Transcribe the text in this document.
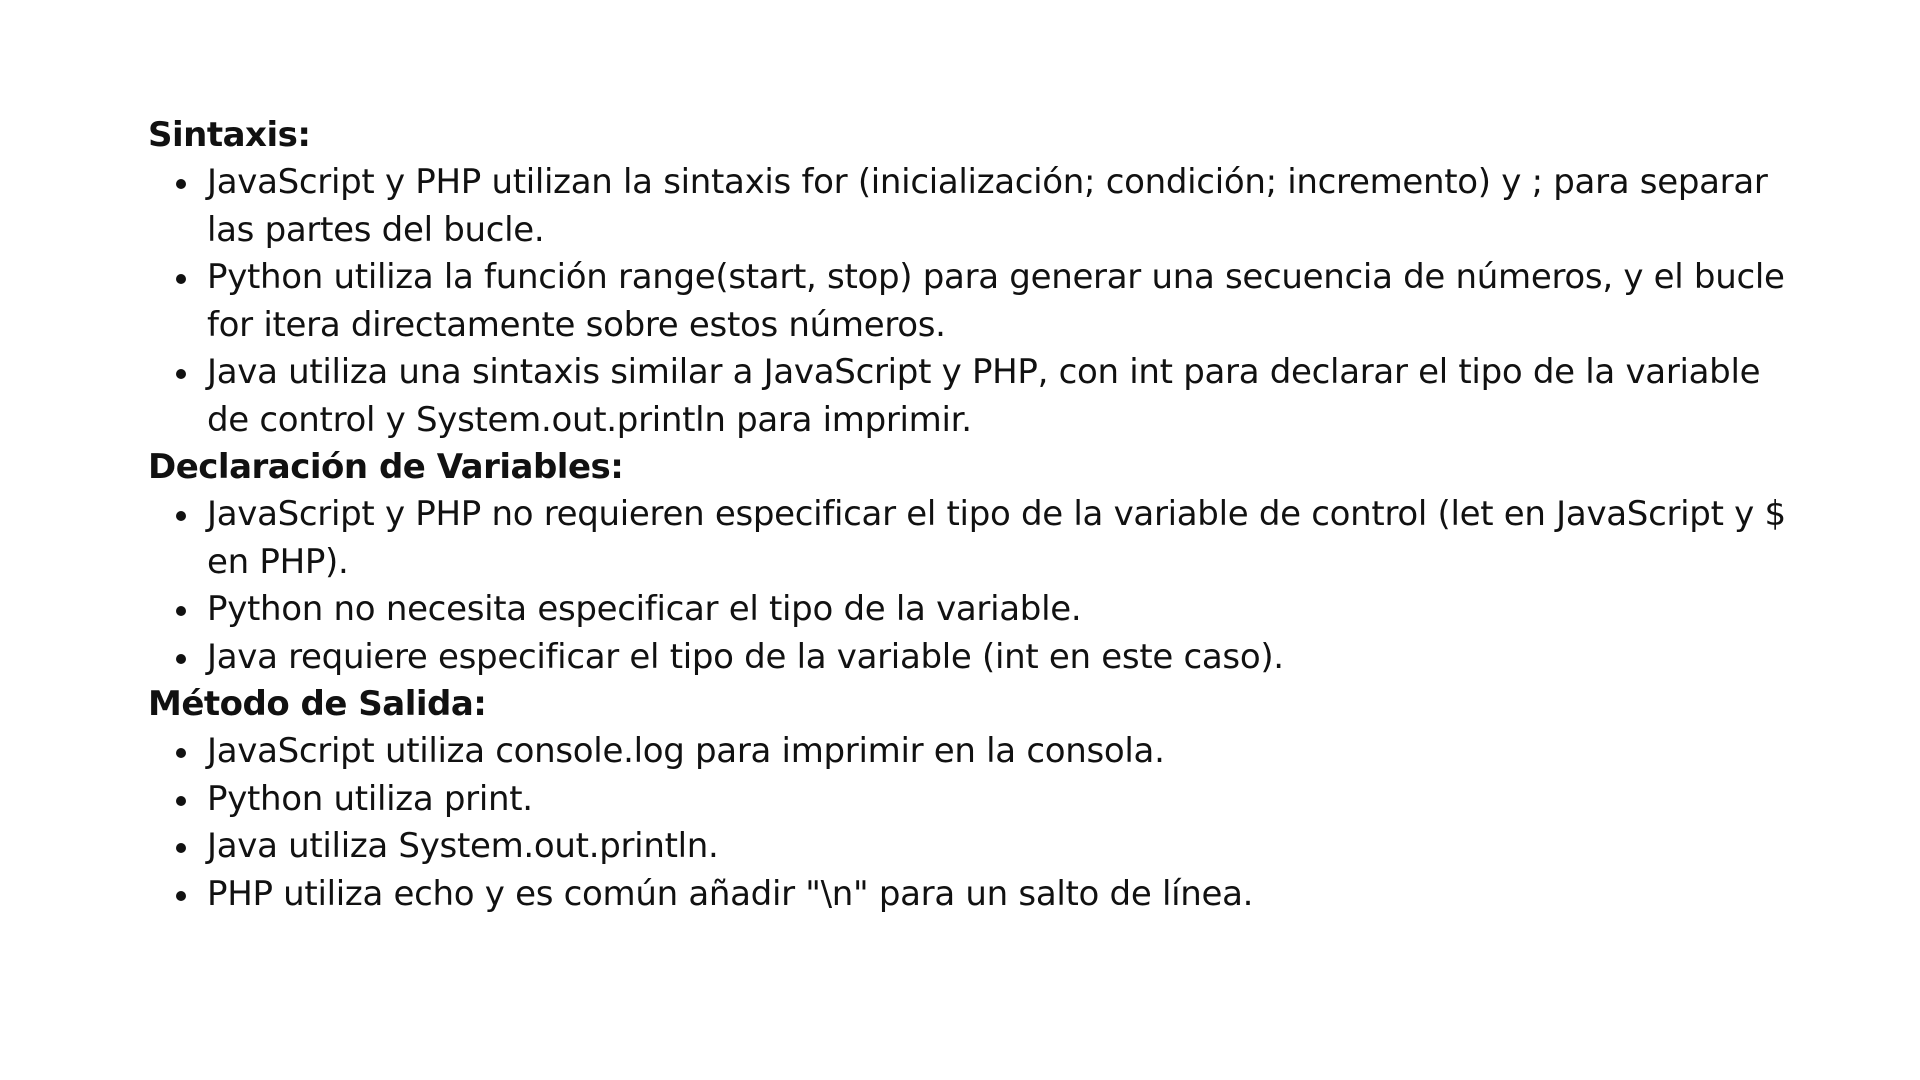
Sintaxis:
JavaScript y PHP utilizan la sintaxis for (inicialización; condición; incremento) y ; para separar las partes del bucle.
Python utiliza la función range(start, stop) para generar una secuencia de números, y el bucle for itera directamente sobre estos números.
Java utiliza una sintaxis similar a JavaScript y PHP, con int para declarar el tipo de la variable de control y System.out.println para imprimir.
Declaración de Variables:
JavaScript y PHP no requieren especificar el tipo de la variable de control (let en JavaScript y $ en PHP).
Python no necesita especificar el tipo de la variable.
Java requiere especificar el tipo de la variable (int en este caso).
Método de Salida:
JavaScript utiliza console.log para imprimir en la consola.
Python utiliza print.
Java utiliza System.out.println.
PHP utiliza echo y es común añadir "\n" para un salto de línea.
